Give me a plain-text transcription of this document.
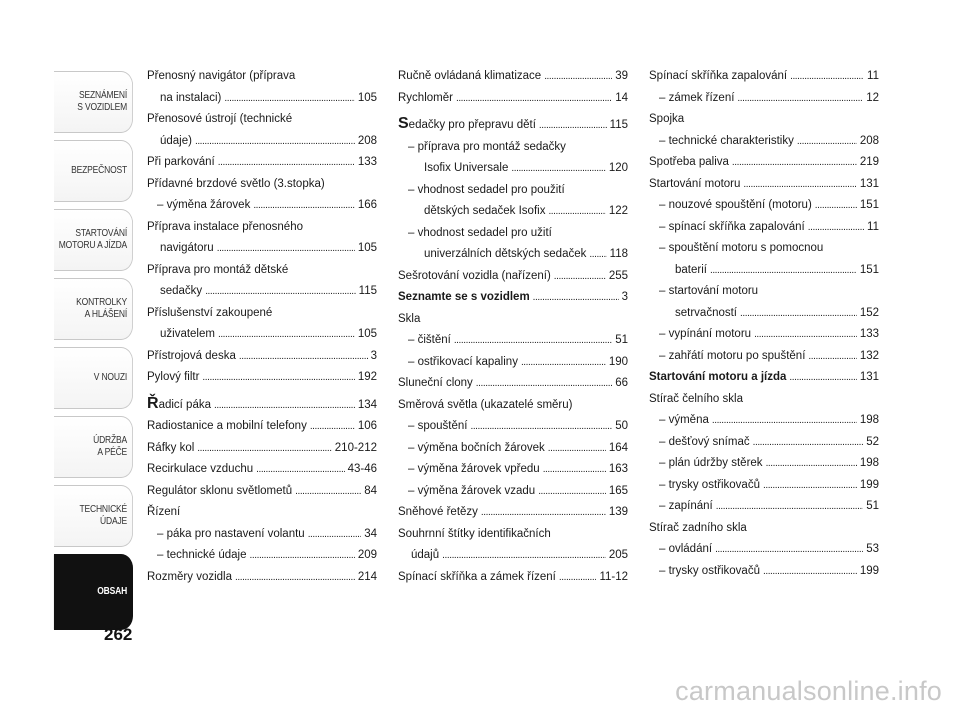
SEZNÁMENÍ
S VOZIDLEM
BEZPEČNOST
STARTOVÁNÍ
MOTORU A JÍZDA
KONTROLKY
A HLÁŠENÍ
V NOUZI
ÚDRŽBA
A PÉČE
TECHNICKÉ
ÚDAJE
OBSAH
262
Přenosný navigátor (příprava
na instalaci) . . .	105
Přenosové ústrojí (technické
údaje) . . .	208
Při parkování . . .	133
Přídavné brzdové světlo (3.stopka)
– výměna žárovek . . .	166
Příprava instalace přenosného
navigátoru . . .	105
Příprava pro montáž dětské
sedačky . . .	115
Příslušenství zakoupené
uživatelem . . .	105
Přístrojová deska . . .	3
Pylový filtr . . .	192
Řadicí páka . . .	134
Radiostanice a mobilní telefony . . .	106
Ráfky kol . . .	210-212
Recirkulace vzduchu . . .	43-46
Regulátor sklonu světlometů . . .	84
Řízení
– páka pro nastavení volantu . . .	34
– technické údaje . . .	209
Rozměry vozidla . . .	214
Ručně ovládaná klimatizace . . .	39
Rychloměr . . .	14
Sedačky pro přepravu dětí . . .	115
– příprava pro montáž sedačky
Isofix Universale . . .	120
– vhodnost sedadel pro použití
dětských sedaček Isofix . . .	122
– vhodnost sedadel pro užití
univerzálních dětských sedaček . . . 118
Sešrotování vozidla (nařízení) . . .	255
Seznamte se s vozidlem . . .	3
Skla
– čištění . . .	51
– ostřikovací kapaliny . . .	190
Sluneční clony . . .	66
Směrová světla (ukazatelé směru)
– spouštění . . .	50
– výměna bočních žárovek . . .	164
– výměna žárovek vpředu . . .	163
– výměna žárovek vzadu . . .	165
Sněhové řetězy . . .	139
Souhrnní štítky identifikačních
údajů . . .	205
Spínací skříňka a zámek řízení . . .	11-12
Spínací skříňka zapalování . . .	11
– zámek řízení . . .	12
Spojka
– technické charakteristiky . . .	208
Spotřeba paliva . . .	219
Startování motoru . . .	131
– nouzové spouštění (motoru) . . .	151
– spínací skříňka zapalování . . .	11
– spouštění motoru s pomocnou
baterií . . .	151
– startování motoru
setrvačností . . .	152
– vypínání motoru . . .	133
– zahřátí motoru po spuštění . . .	132
Startování motoru a jízda . . .	131
Stírač čelního skla
– výměna . . .	198
– dešťový snímač . . .	52
– plán údržby stěrek . . .	198
– trysky ostřikovačů . . .	199
– zapínání . . .	51
Stírač zadního skla
– ovládání . . .	53
– trysky ostřikovačů . . .	199
carmanualsonline.info
